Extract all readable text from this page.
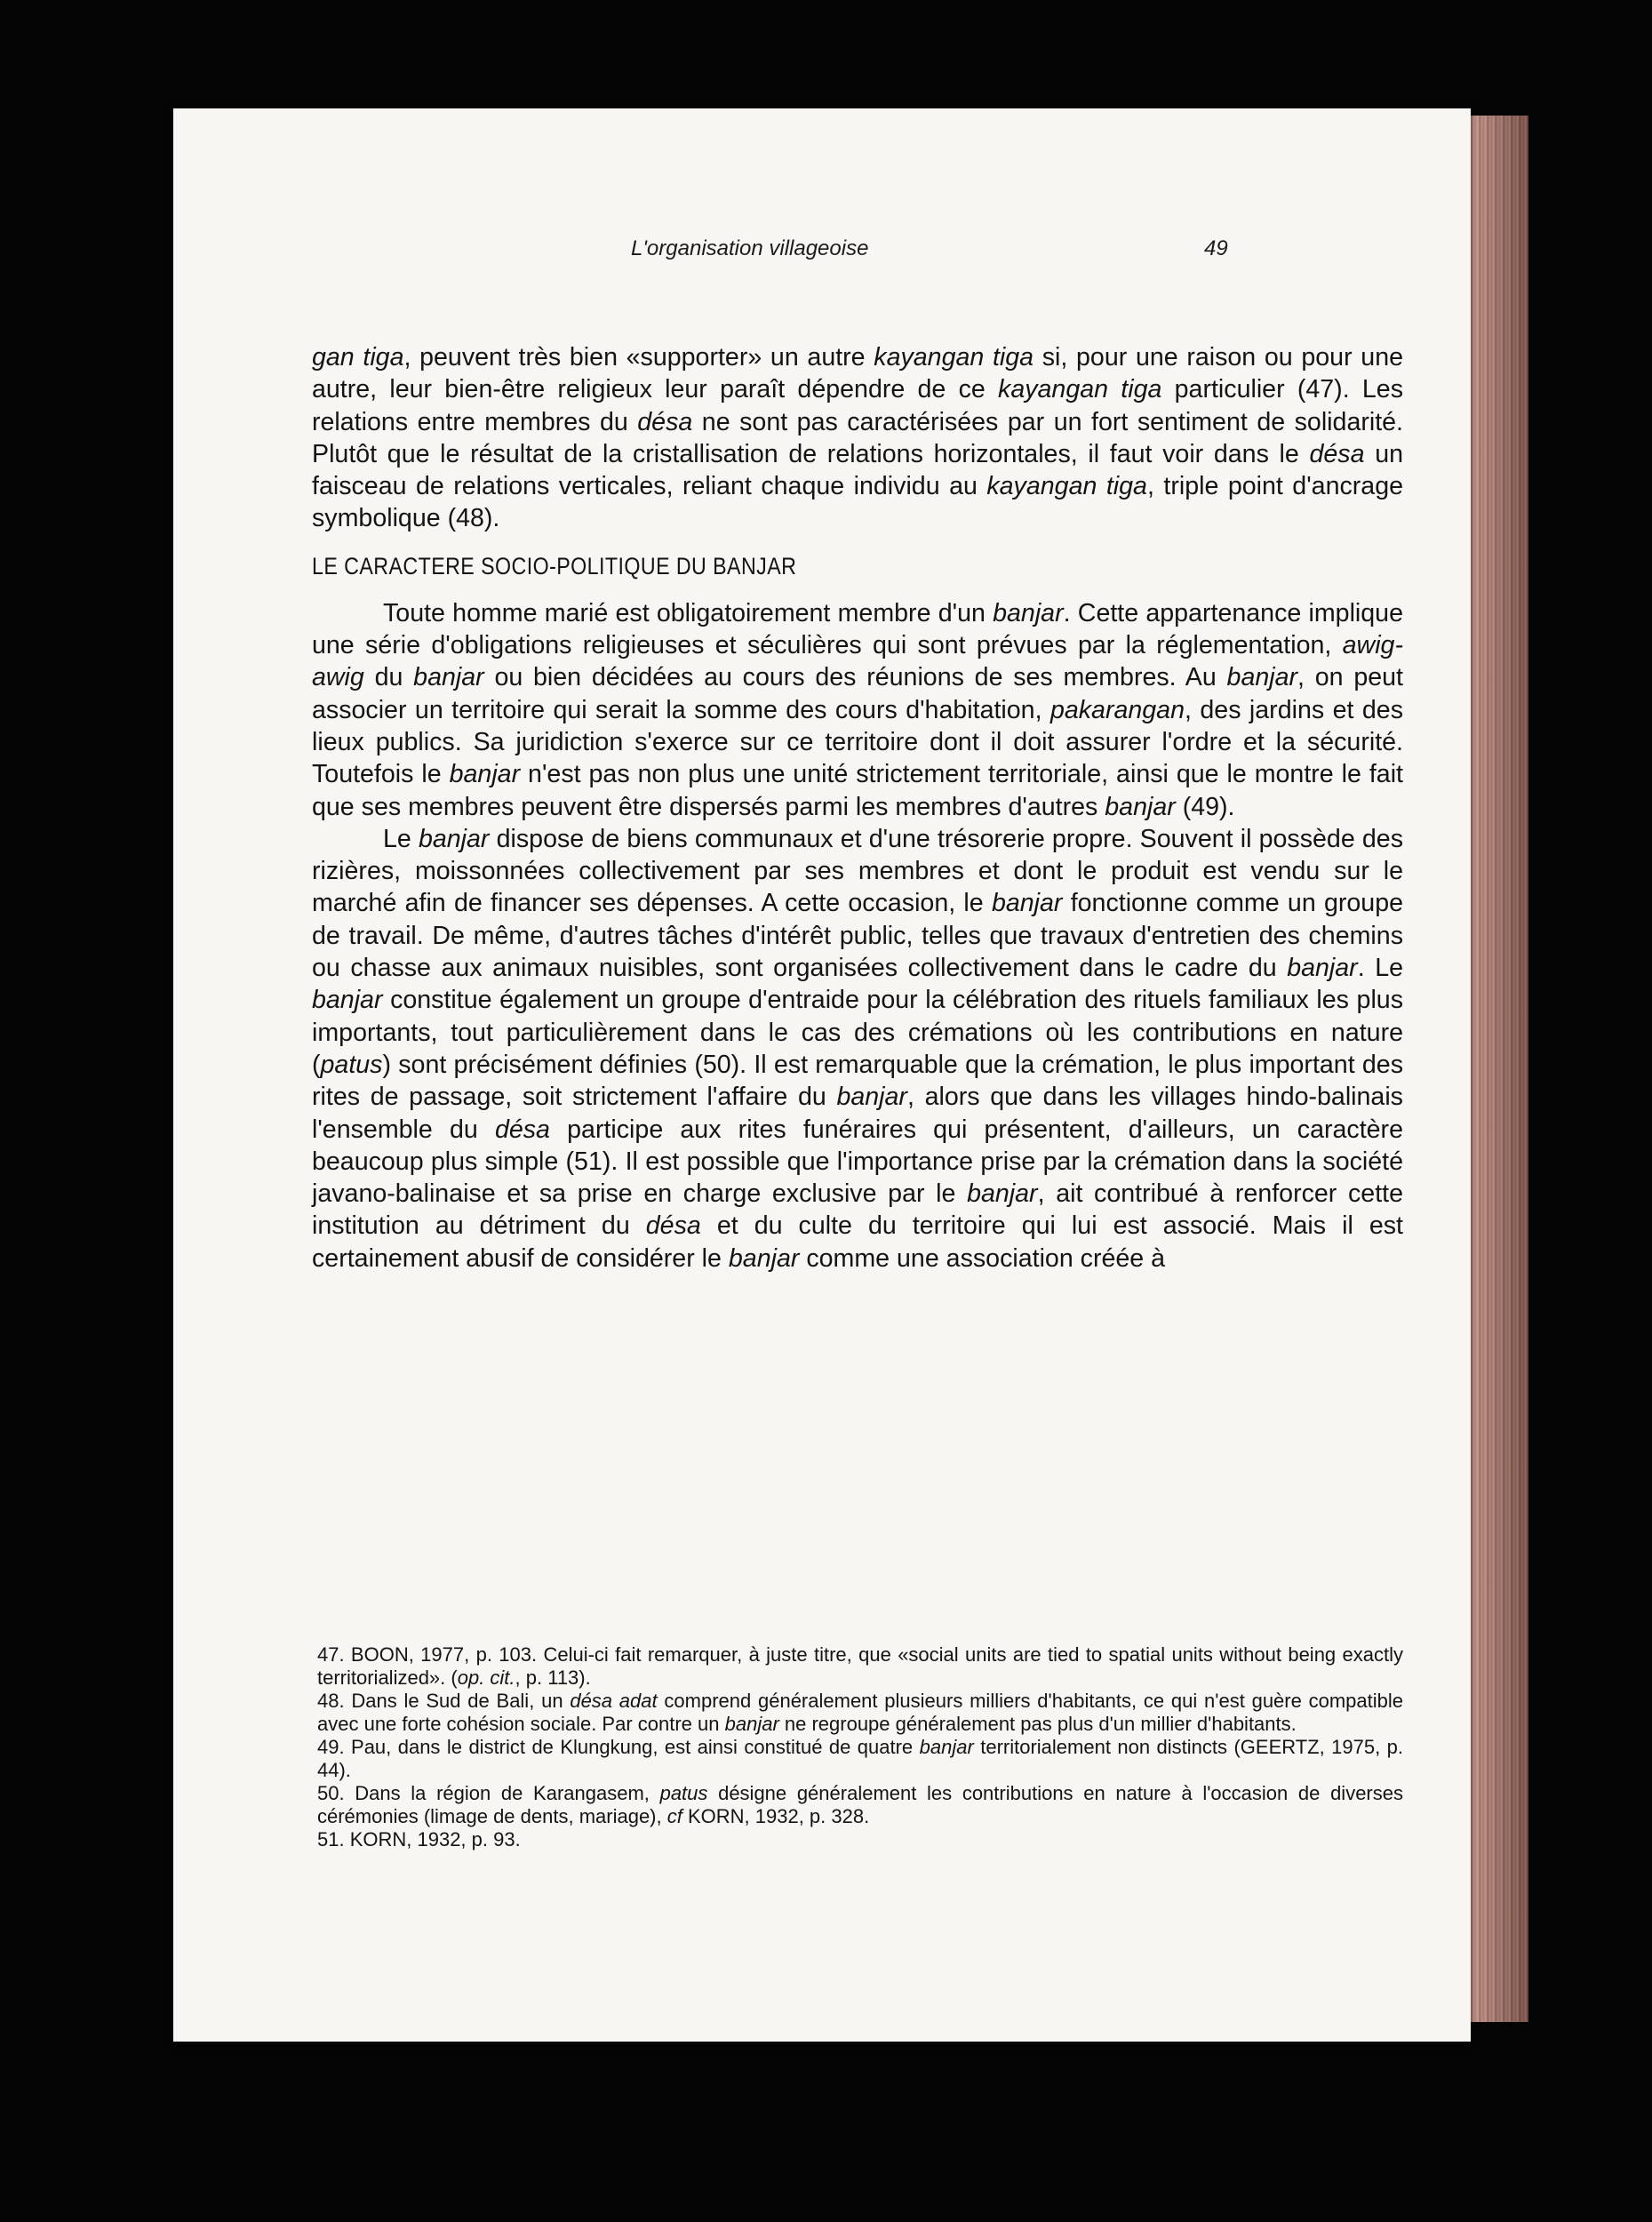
L'organisation villageoise	49

gan tiga, peuvent très bien «supporter» un autre kayangan tiga si, pour une raison ou pour une autre, leur bien-être religieux leur paraît dépendre de ce kayangan tiga particulier (47). Les relations entre membres du désa ne sont pas caractérisées par un fort sentiment de solidarité. Plutôt que le résultat de la cristallisation de relations horizontales, il faut voir dans le désa un faisceau de relations verticales, reliant chaque individu au kayangan tiga, triple point d'ancrage symbolique (48).

LE CARACTERE SOCIO-POLITIQUE DU BANJAR

Toute homme marié est obligatoirement membre d'un banjar. Cette appartenance implique une série d'obligations religieuses et séculières qui sont prévues par la réglementation, awig-awig du banjar ou bien décidées au cours des réunions de ses membres. Au banjar, on peut associer un territoire qui serait la somme des cours d'habitation, pakarangan, des jardins et des lieux publics. Sa juridiction s'exerce sur ce territoire dont il doit assurer l'ordre et la sécurité. Toutefois le banjar n'est pas non plus une unité strictement territoriale, ainsi que le montre le fait que ses membres peuvent être dispersés parmi les membres d'autres banjar (49).

Le banjar dispose de biens communaux et d'une trésorerie propre. Souvent il possède des rizières, moissonnées collectivement par ses membres et dont le produit est vendu sur le marché afin de financer ses dépenses. A cette occasion, le banjar fonctionne comme un groupe de travail. De même, d'autres tâches d'intérêt public, telles que travaux d'entretien des chemins ou chasse aux animaux nuisibles, sont organisées collectivement dans le cadre du banjar. Le banjar constitue également un groupe d'entraide pour la célébration des rituels familiaux les plus importants, tout particulièrement dans le cas des crémations où les contributions en nature (patus) sont précisément définies (50). Il est remarquable que la crémation, le plus important des rites de passage, soit strictement l'affaire du banjar, alors que dans les villages hindo-balinais l'ensemble du désa participe aux rites funéraires qui présentent, d'ailleurs, un caractère beaucoup plus simple (51). Il est possible que l'importance prise par la crémation dans la société javano-balinaise et sa prise en charge exclusive par le banjar, ait contribué à renforcer cette institution au détriment du désa et du culte du territoire qui lui est associé. Mais il est certainement abusif de considérer le banjar comme une association créée à

47. BOON, 1977, p. 103. Celui-ci fait remarquer, à juste titre, que «social units are tied to spatial units without being exactly territorialized». (op. cit., p. 113).

48. Dans le Sud de Bali, un désa adat comprend généralement plusieurs milliers d'habitants, ce qui n'est guère compatible avec une forte cohésion sociale. Par contre un banjar ne regroupe généralement pas plus d'un millier d'habitants.

49. Pau, dans le district de Klungkung, est ainsi constitué de quatre banjar territorialement non distincts (GEERTZ, 1975, p. 44).

50. Dans la région de Karangasem, patus désigne généralement les contributions en nature à l'occasion de diverses cérémonies (limage de dents, mariage), cf KORN, 1932, p. 328.

51. KORN, 1932, p. 93.
